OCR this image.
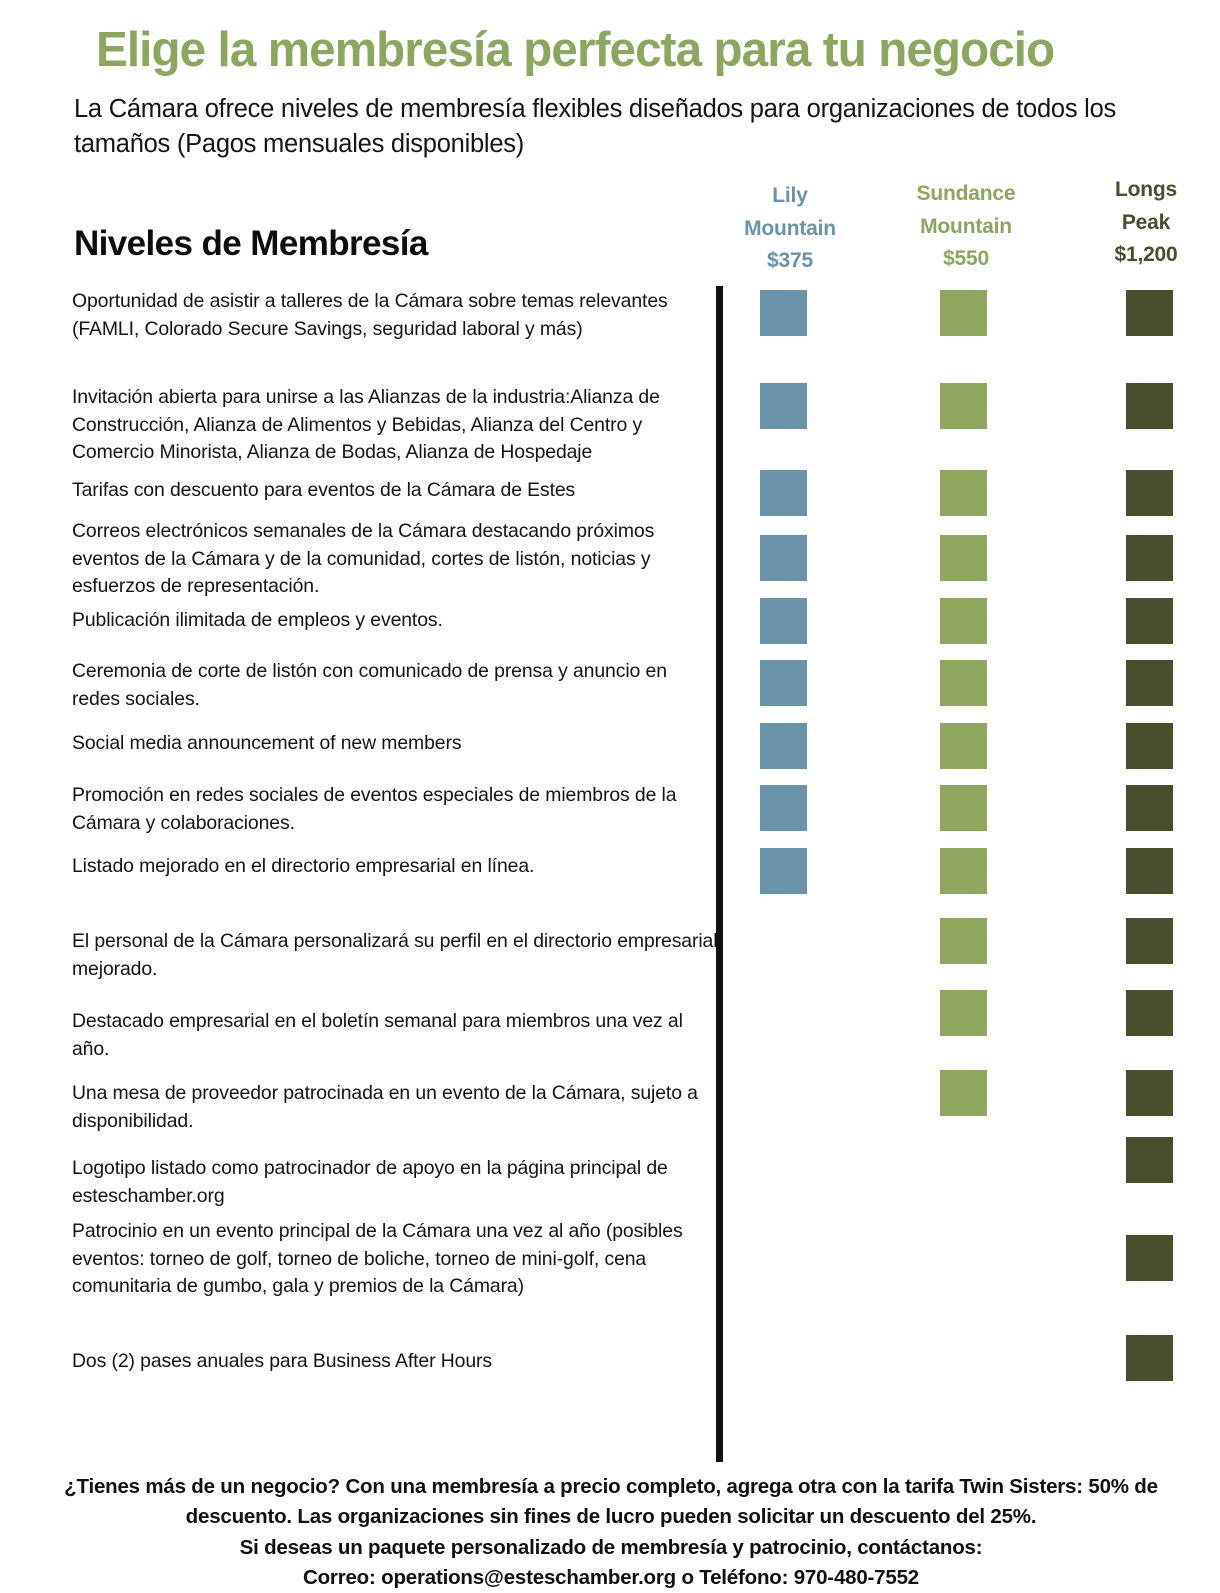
Elige la membresía perfecta para tu negocio
La Cámara ofrece niveles de membresía flexibles diseñados para organizaciones de todos los tamaños (Pagos mensuales disponibles)
Lily
Mountain
$375
Sundance
Mountain
$550
Longs
Peak
$1,200
Niveles de Membresía
Oportunidad de asistir a talleres de la Cámara sobre temas relevantes (FAMLI, Colorado Secure Savings, seguridad laboral y más)
Invitación abierta para unirse a las Alianzas de la industria:Alianza de Construcción, Alianza de Alimentos y Bebidas, Alianza del Centro y Comercio Minorista, Alianza de Bodas, Alianza de Hospedaje
Tarifas con descuento para eventos de la Cámara de Estes
Correos electrónicos semanales de la Cámara destacando próximos eventos de la Cámara y de la comunidad, cortes de listón, noticias y esfuerzos de representación.
Publicación ilimitada de empleos y eventos.
Ceremonia de corte de listón con comunicado de prensa y anuncio en redes sociales.
Social media announcement of new members
Promoción en redes sociales de eventos especiales de miembros de la Cámara y colaboraciones.
Listado mejorado en el directorio empresarial en línea.
El personal de la Cámara personalizará su perfil en el directorio empresarial mejorado.
Destacado empresarial en el boletín semanal para miembros una vez al año.
Una mesa de proveedor patrocinada en un evento de la Cámara, sujeto a disponibilidad.
Logotipo listado como patrocinador de apoyo en la página principal de esteschamber.org
Patrocinio en un evento principal de la Cámara una vez al año (posibles eventos: torneo de golf, torneo de boliche, torneo de mini-golf, cena comunitaria de gumbo, gala y premios de la Cámara)
Dos (2) pases anuales para Business After Hours

¿Tienes más de un negocio? Con una membresía a precio completo, agrega otra con la tarifa Twin Sisters: 50% de

descuento. Las organizaciones sin fines de lucro pueden solicitar un descuento del 25%.

Si deseas un paquete personalizado de membresía y patrocinio, contáctanos:

Correo: operations@esteschamber.org o Teléfono: 970-480-7552
